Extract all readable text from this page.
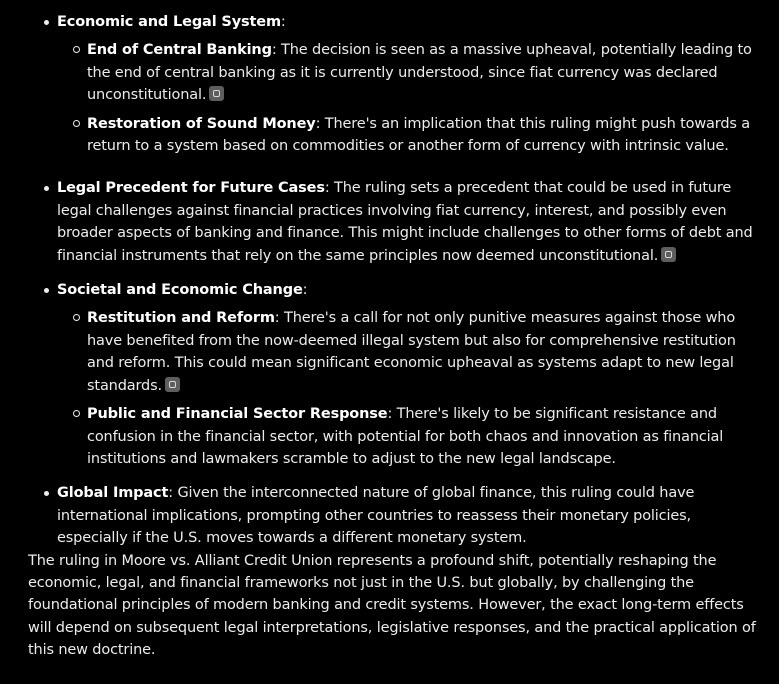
Economic and Legal System:
End of Central Banking: The decision is seen as a massive upheaval, potentially leading to the end of central banking as it is currently understood, since fiat currency was declared unconstitutional.
Restoration of Sound Money: There's an implication that this ruling might push towards a return to a system based on commodities or another form of currency with intrinsic value.
Legal Precedent for Future Cases: The ruling sets a precedent that could be used in future legal challenges against financial practices involving fiat currency, interest, and possibly even broader aspects of banking and finance. This might include challenges to other forms of debt and financial instruments that rely on the same principles now deemed unconstitutional.
Societal and Economic Change:
Restitution and Reform: There's a call for not only punitive measures against those who have benefited from the now-deemed illegal system but also for comprehensive restitution and reform. This could mean significant economic upheaval as systems adapt to new legal standards.
Public and Financial Sector Response: There's likely to be significant resistance and confusion in the financial sector, with potential for both chaos and innovation as financial institutions and lawmakers scramble to adjust to the new legal landscape.
Global Impact: Given the interconnected nature of global finance, this ruling could have international implications, prompting other countries to reassess their monetary policies, especially if the U.S. moves towards a different monetary system.

The ruling in Moore vs. Alliant Credit Union represents a profound shift, potentially reshaping the economic, legal, and financial frameworks not just in the U.S. but globally, by challenging the foundational principles of modern banking and credit systems. However, the exact long-term effects will depend on subsequent legal interpretations, legislative responses, and the practical application of this new doctrine.
